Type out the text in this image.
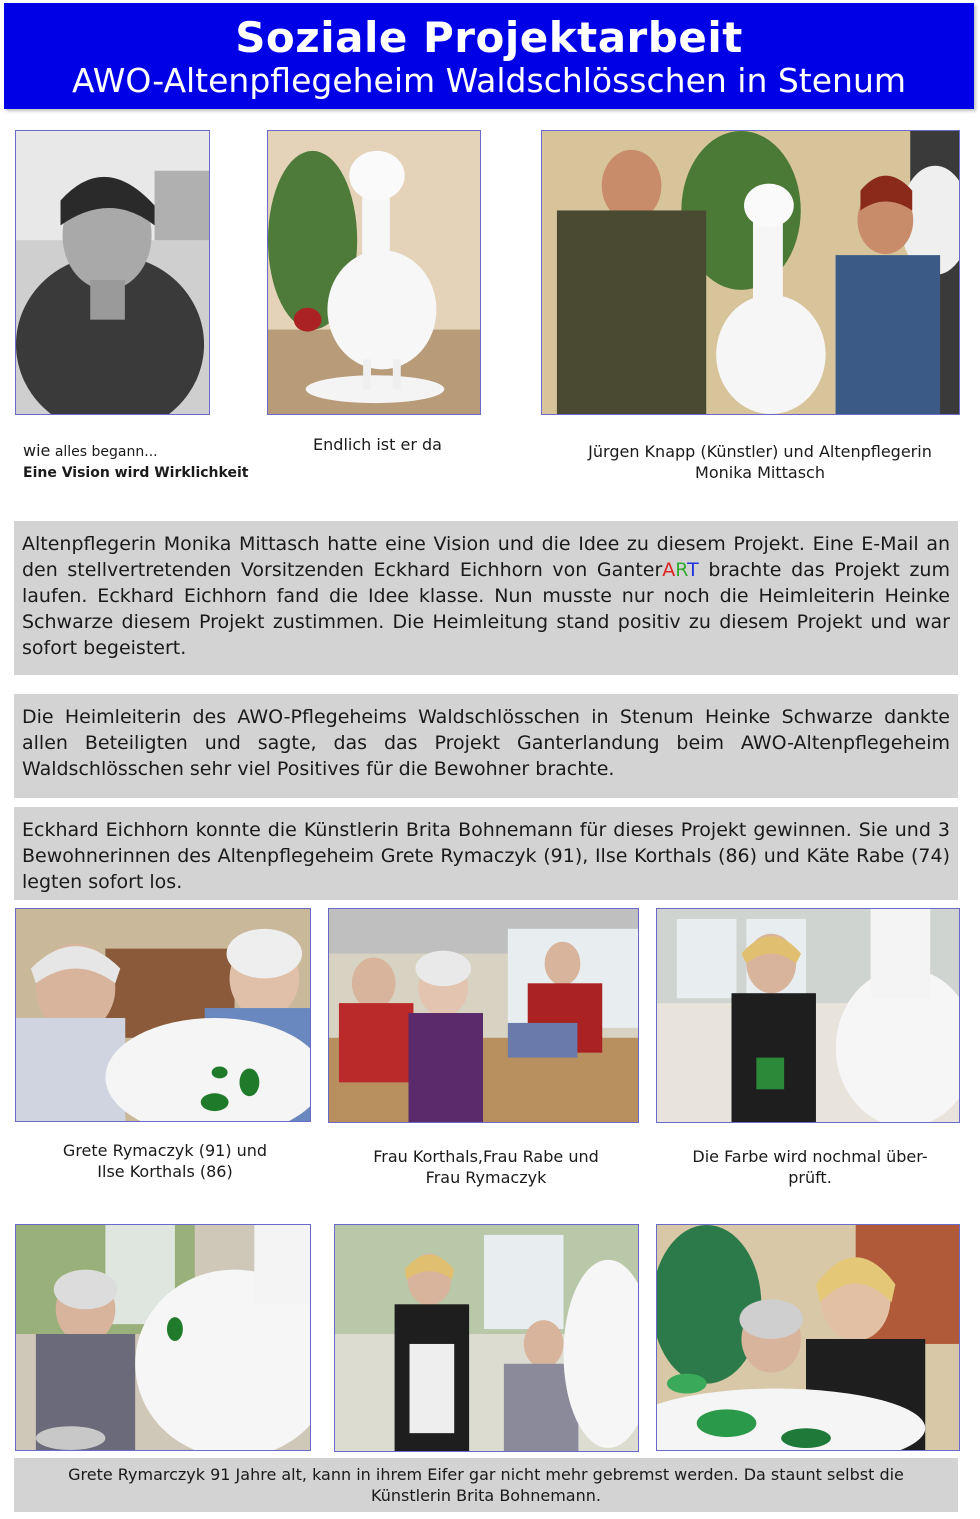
Soziale Projektarbeit
AWO-Altenpflegeheim Waldschlösschen in Stenum
wie alles begann...
Eine Vision wird Wirklichkeit
Endlich ist er da	Jürgen Knapp (Künstler) und Altenpflegerin
Monika Mittasch
Altenpflegerin Monika Mittasch hatte eine Vision und die Idee zu diesem Projekt. Eine E-Mail an den stellvertretenden Vorsitzenden Eckhard Eichhorn von GanterART brachte das Projekt zum laufen. Eckhard Eichhorn fand die Idee klasse. Nun musste nur noch die Heimleiterin Heinke Schwarze diesem Projekt zustimmen. Die Heimleitung stand positiv zu diesem Projekt und war sofort begeistert.
Die Heimleiterin des AWO-Pflegeheims Waldschlösschen in Stenum Heinke Schwarze dankte allen Beteiligten und sagte, das das Projekt Ganterlandung beim AWO-Altenpflegeheim Waldschlösschen sehr viel Positives für die Bewohner brachte.
Eckhard Eichhorn konnte die Künstlerin Brita Bohnemann für dieses Projekt gewinnen. Sie und 3 Bewohnerinnen des Altenpflegeheim Grete Rymaczyk (91), Ilse Korthals (86) und Käte Rabe (74) legten sofort los.
Grete Rymaczyk (91) und
Ilse Korthals (86)
Frau Korthals,Frau Rabe und
Frau Rymaczyk
Die Farbe wird nochmal über-
prüft.
Grete Rymarczyk 91 Jahre alt, kann in ihrem Eifer gar nicht mehr gebremst werden. Da staunt selbst die
Künstlerin Brita Bohnemann.
